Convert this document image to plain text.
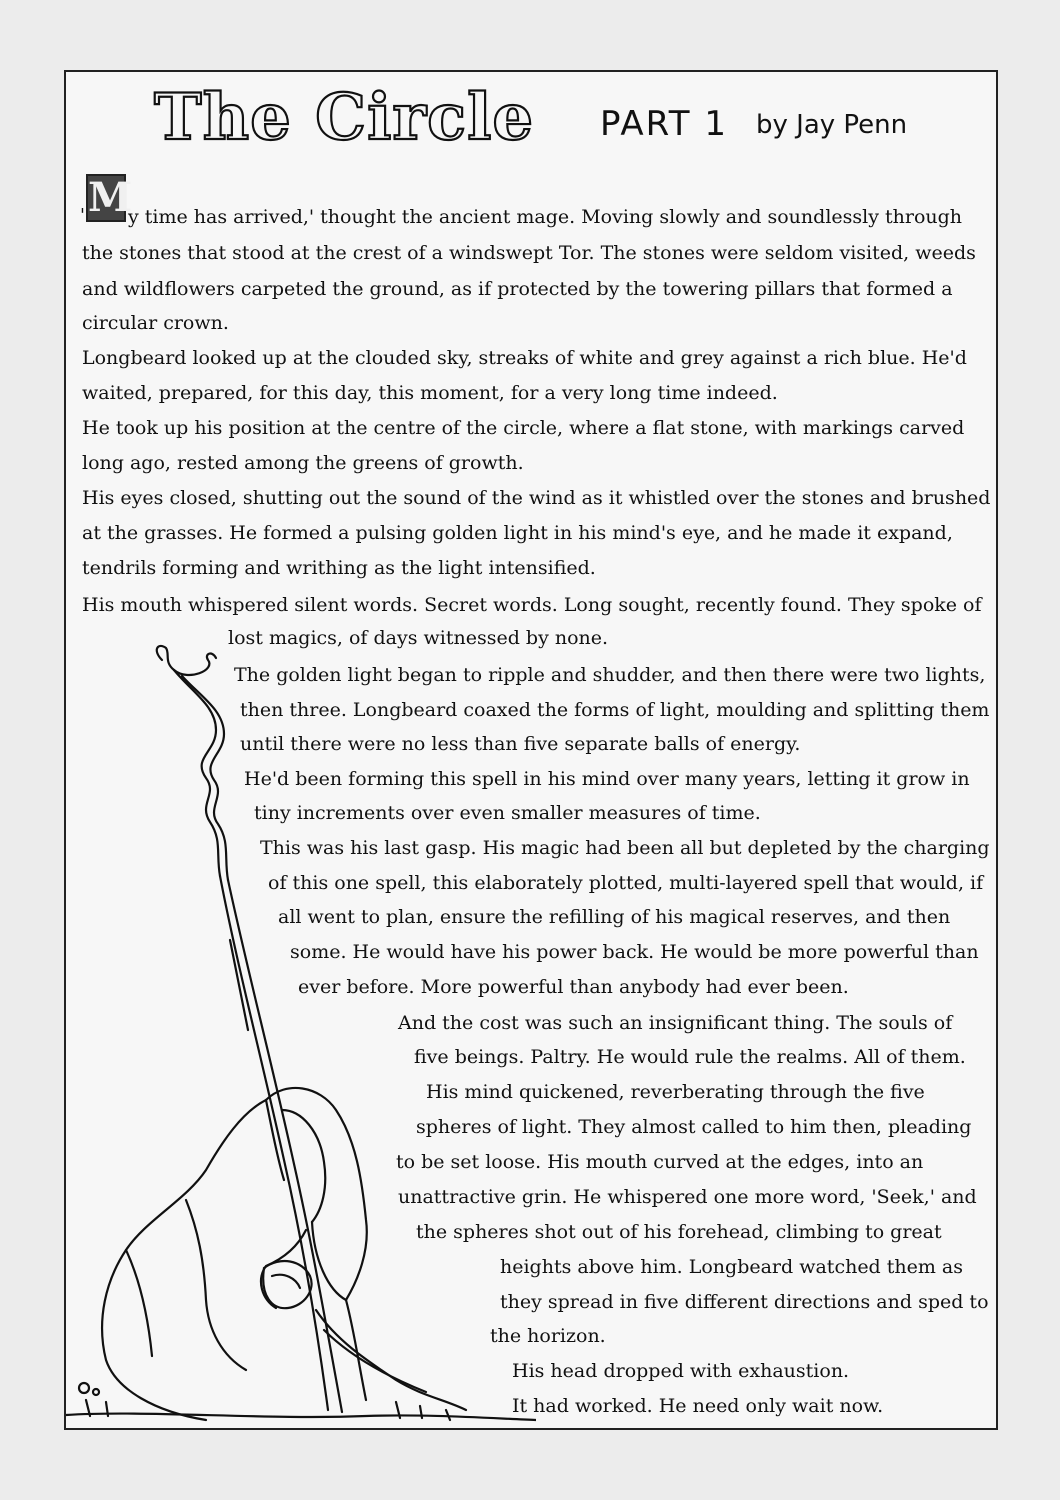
The Circle PART 1 by Jay Penn
' M
y time has arrived,' thought the ancient mage. Moving slowly and soundlessly through
the stones that stood at the crest of a windswept Tor. The stones were seldom visited, weeds
and wildflowers carpeted the ground, as if protected by the towering pillars that formed a
circular crown.
Longbeard looked up at the clouded sky, streaks of white and grey against a rich blue. He'd
waited, prepared, for this day, this moment, for a very long time indeed.
He took up his position at the centre of the circle, where a flat stone, with markings carved
long ago, rested among the greens of growth.
His eyes closed, shutting out the sound of the wind as it whistled over the stones and brushed
at the grasses. He formed a pulsing golden light in his mind's eye, and he made it expand,
tendrils forming and writhing as the light intensified.
His mouth whispered silent words. Secret words. Long sought, recently found. They spoke of
lost magics, of days witnessed by none.
The golden light began to ripple and shudder, and then there were two lights,
then three. Longbeard coaxed the forms of light, moulding and splitting them
until there were no less than five separate balls of energy.
He'd been forming this spell in his mind over many years, letting it grow in
tiny increments over even smaller measures of time.
This was his last gasp. His magic had been all but depleted by the charging
of this one spell, this elaborately plotted, multi-layered spell that would, if
all went to plan, ensure the refilling of his magical reserves, and then
some. He would have his power back. He would be more powerful than
ever before. More powerful than anybody had ever been.
And the cost was such an insignificant thing. The souls of
five beings. Paltry. He would rule the realms. All of them.
His mind quickened, reverberating through the five
spheres of light. They almost called to him then, pleading
to be set loose. His mouth curved at the edges, into an
unattractive grin. He whispered one more word, 'Seek,' and
the spheres shot out of his forehead, climbing to great
heights above him. Longbeard watched them as
they spread in five different directions and sped to
the horizon.
His head dropped with exhaustion.
It had worked. He need only wait now.
